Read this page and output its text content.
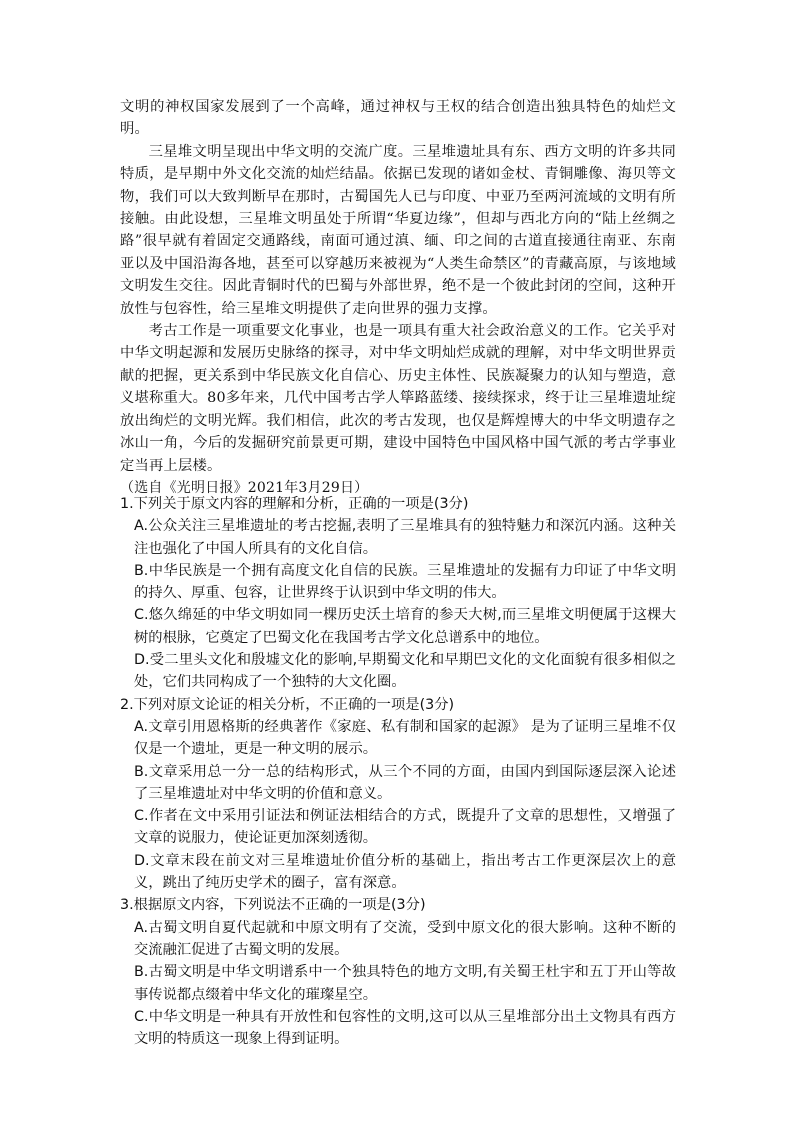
文明的神权国家发展到了一个高峰，通过神权与王权的结合创造出独具特色的灿烂文明。

三星堆文明呈现出中华文明的交流广度。三星堆遗址具有东、西方文明的许多共同特质，是早期中外文化交流的灿烂结晶。依据已发现的诸如金杖、青铜雕像、海贝等文物，我们可以大致判断早在那时，古蜀国先人已与印度、中亚乃至两河流域的文明有所接触。由此设想，三星堆文明虽处于所谓“华夏边缘”，但却与西北方向的“陆上丝绸之路”很早就有着固定交通路线，南面可通过滇、缅、印之间的古道直接通往南亚、东南亚以及中国沿海各地，甚至可以穿越历来被视为“人类生命禁区”的青藏高原，与该地域文明发生交往。因此青铜时代的巴蜀与外部世界，绝不是一个彼此封闭的空间，这种开放性与包容性，给三星堆文明提供了走向世界的强力支撑。

考古工作是一项重要文化事业，也是一项具有重大社会政治意义的工作。它关乎对中华文明起源和发展历史脉络的探寻，对中华文明灿烂成就的理解，对中华文明世界贡献的把握，更关系到中华民族文化自信心、历史主体性、民族凝聚力的认知与塑造，意义堪称重大。80多年来，几代中国考古学人筚路蓝缕、接续探求，终于让三星堆遗址绽放出绚烂的文明光辉。我们相信，此次的考古发现，也仅是辉煌博大的中华文明遗存之冰山一角，今后的发掘研究前景更可期，建设中国特色中国风格中国气派的考古学事业定当再上层楼。

（选自《光明日报》2021年3月29日）

1.下列关于原文内容的理解和分析，正确的一项是(3分)
A.公众关注三星堆遗址的考古挖掘,表明了三星堆具有的独特魅力和深沉内涵。这种关注也强化了中国人所具有的文化自信。
B.中华民族是一个拥有高度文化自信的民族。三星堆遗址的发掘有力印证了中华文明的持久、厚重、包容，让世界终于认识到中华文明的伟大。
C.悠久绵延的中华文明如同一棵历史沃土培育的参天大树,而三星堆文明便属于这棵大树的根脉，它奠定了巴蜀文化在我国考古学文化总谱系中的地位。
D.受二里头文化和殷墟文化的影响,早期蜀文化和早期巴文化的文化面貌有很多相似之处，它们共同构成了一个独特的大文化圈。
2.下列对原文论证的相关分析，不正确的一项是(3分)
A.文章引用恩格斯的经典著作《家庭、私有制和国家的起源》 是为了证明三星堆不仅仅是一个遗址，更是一种文明的展示。
B.文章采用总一分一总的结构形式，从三个不同的方面，由国内到国际逐层深入论述了三星堆遗址对中华文明的价值和意义。
C.作者在文中采用引证法和例证法相结合的方式，既提升了文章的思想性，又增强了文章的说服力，使论证更加深刻透彻。
D.文章末段在前文对三星堆遗址价值分析的基础上，指出考古工作更深层次上的意义，跳出了纯历史学术的圈子，富有深意。
3.根据原文内容，下列说法不正确的一项是(3分)
A.古蜀文明自夏代起就和中原文明有了交流，受到中原文化的很大影响。这种不断的交流融汇促进了古蜀文明的发展。
B.古蜀文明是中华文明谱系中一个独具特色的地方文明,有关蜀王杜宇和五丁开山等故事传说都点缀着中华文化的璀璨星空。
C.中华文明是一种具有开放性和包容性的文明,这可以从三星堆部分出土文物具有西方文明的特质这一现象上得到证明。
